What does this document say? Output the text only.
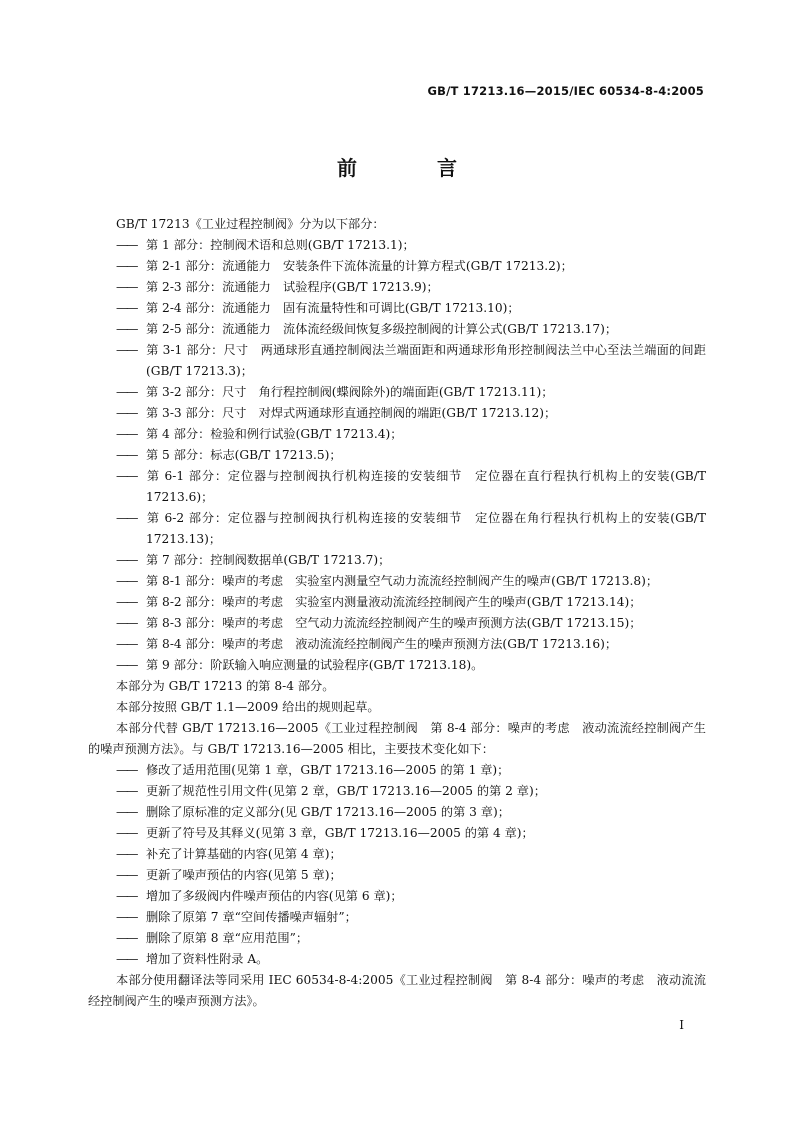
GB/T 17213.16—2015/IEC 60534-8-4:2005
前　言

GB/T 17213《工业过程控制阀》分为以下部分：

—— 第 1 部分：控制阀术语和总则(GB/T 17213.1)；

—— 第 2-1 部分：流通能力　安装条件下流体流量的计算方程式(GB/T 17213.2)；

—— 第 2-3 部分：流通能力　试验程序(GB/T 17213.9)；

—— 第 2-4 部分：流通能力　固有流量特性和可调比(GB/T 17213.10)；

—— 第 2-5 部分：流通能力　流体流经级间恢复多级控制阀的计算公式(GB/T 17213.17)；

—— 第 3-1 部分：尺寸　两通球形直通控制阀法兰端面距和两通球形角形控制阀法兰中心至法兰端面的间距(GB/T 17213.3)；

—— 第 3-2 部分：尺寸　角行程控制阀(蝶阀除外)的端面距(GB/T 17213.11)；

—— 第 3-3 部分：尺寸　对焊式两通球形直通控制阀的端距(GB/T 17213.12)；

—— 第 4 部分：检验和例行试验(GB/T 17213.4)；

—— 第 5 部分：标志(GB/T 17213.5)；

—— 第 6-1 部分：定位器与控制阀执行机构连接的安装细节　定位器在直行程执行机构上的安装(GB/T 17213.6)；

—— 第 6-2 部分：定位器与控制阀执行机构连接的安装细节　定位器在角行程执行机构上的安装(GB/T 17213.13)；

—— 第 7 部分：控制阀数据单(GB/T 17213.7)；

—— 第 8-1 部分：噪声的考虑　实验室内测量空气动力流流经控制阀产生的噪声(GB/T 17213.8)；

—— 第 8-2 部分：噪声的考虑　实验室内测量液动流流经控制阀产生的噪声(GB/T 17213.14)；

—— 第 8-3 部分：噪声的考虑　空气动力流流经控制阀产生的噪声预测方法(GB/T 17213.15)；

—— 第 8-4 部分：噪声的考虑　液动流流经控制阀产生的噪声预测方法(GB/T 17213.16)；

—— 第 9 部分：阶跃输入响应测量的试验程序(GB/T 17213.18)。

本部分为 GB/T 17213 的第 8-4 部分。

本部分按照 GB/T 1.1—2009 给出的规则起草。

本部分代替 GB/T 17213.16—2005《工业过程控制阀　第 8-4 部分：噪声的考虑　液动流流经控制阀产生的噪声预测方法》。与 GB/T 17213.16—2005 相比，主要技术变化如下：

—— 修改了适用范围(见第 1 章，GB/T 17213.16—2005 的第 1 章)；

—— 更新了规范性引用文件(见第 2 章，GB/T 17213.16—2005 的第 2 章)；

—— 删除了原标准的定义部分(见 GB/T 17213.16—2005 的第 3 章)；

—— 更新了符号及其释义(见第 3 章，GB/T 17213.16—2005 的第 4 章)；

—— 补充了计算基础的内容(见第 4 章)；

—— 更新了噪声预估的内容(见第 5 章)；

—— 增加了多级阀内件噪声预估的内容(见第 6 章)；

—— 删除了原第 7 章“空间传播噪声辐射”；

—— 删除了原第 8 章“应用范围”；

—— 增加了资料性附录 A。

本部分使用翻译法等同采用 IEC 60534-8-4:2005《工业过程控制阀　第 8-4 部分：噪声的考虑　液动流流经控制阀产生的噪声预测方法》。

I
